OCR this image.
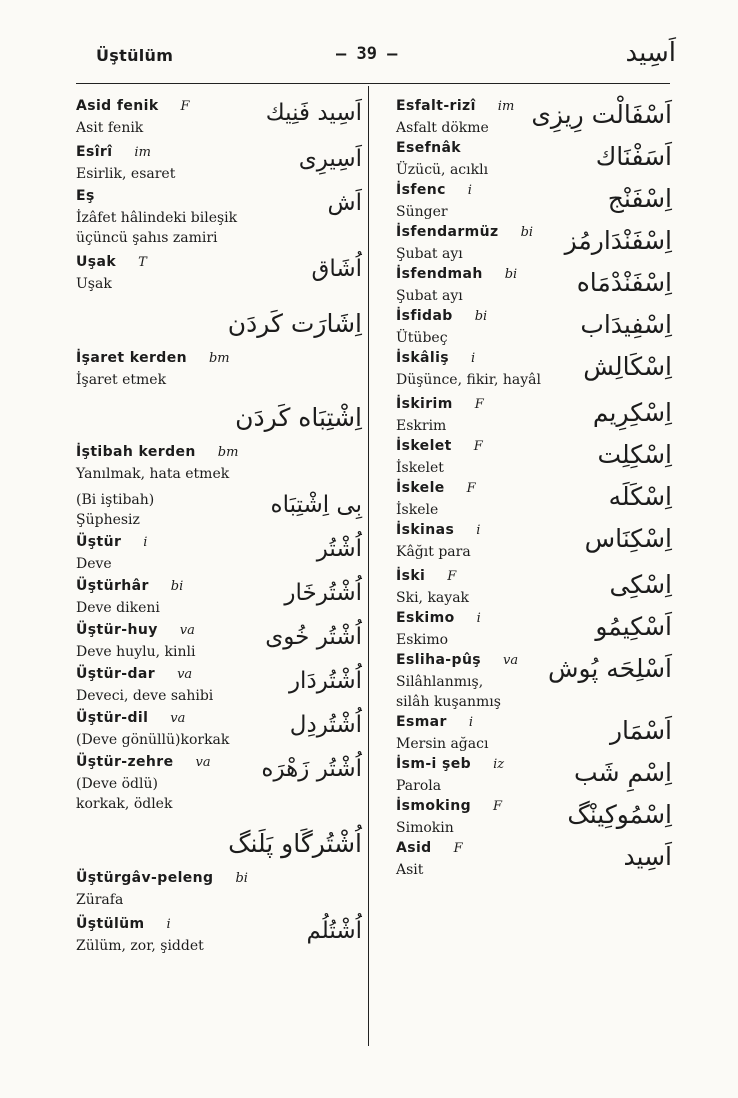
Üştülüm	— 39 —	اَسِيد
Asid fenik F
Asit fenik
اَسِيد فَنِيك
Esîrî im
Esirlik, esaret
اَسِيرِى
Eş
İzâfet hâlindeki bileşik
üçüncü şahıs zamiri
اَش
Uşak T
Uşak
اُشَاق
اِشَارَت كَردَن
İşaret kerden bm
İşaret etmek
اِشْتِبَاه كَردَن
İştibah kerden bm
Yanılmak, hata etmek
(Bi iştibah)
Şüphesiz
بِى اِشْتِبَاه
Üştür i
Deve
اُشْتُر
Üştürhâr bi
Deve dikeni
اُشْتُرخَار
Üştür-huy va
Deve huylu, kinli
اُشْتُر خُوى
Üştür-dar va
Deveci, deve sahibi
اُشْتُردَار
Üştür-dil va
(Deve gönüllü)korkak
اُشْتُردِل
Üştür-zehre va
(Deve ödlü)
korkak, ödlek
اُشْتُر زَهْرَه
اُشْتُرگَاو پَلَنگ
Üştürgâv-peleng bi
Zürafa
Üştülüm i
Zülüm, zor, şiddet
اُشْتُلُم
Esfalt-rizî im
Asfalt dökme	اَسْفَالْت رِيزِى
Esefnâk
Üzücü, acıklı	اَسَفْنَاك
İsfenc i
Sünger	اِسْفَنْج
İsfendarmüz bi
Şubat ayı	اِسْفَنْدَارمُز
İsfendmah bi
Şubat ayı	اِسْفَنْدْمَاه
İsfidab bi
Ütübeç	اِسْفِيدَاب
İskâliş i
Düşünce, fikir, hayâl	اِسْكَالِش
İskirim F
Eskrim	اِسْكِرِيم
İskelet F
İskelet	اِسْكِلِت
İskele F
İskele	اِسْكَلَه
İskinas i
Kâğıt para	اِسْكِنَاس
İski F
Ski, kayak	اِسْكِى
Eskimo i
Eskimo	اَسْكِيمُو
Esliha-pûş va
Silâhlanmış,
silâh kuşanmış
اَسْلِحَه پُوش
Esmar i
Mersin ağacı	اَسْمَار
İsm-i şeb iz
Parola	اِسْمِ شَب
İsmoking F
Simokin	اِسْمُوكِينْگ
Asid F
Asit	اَسِيد
